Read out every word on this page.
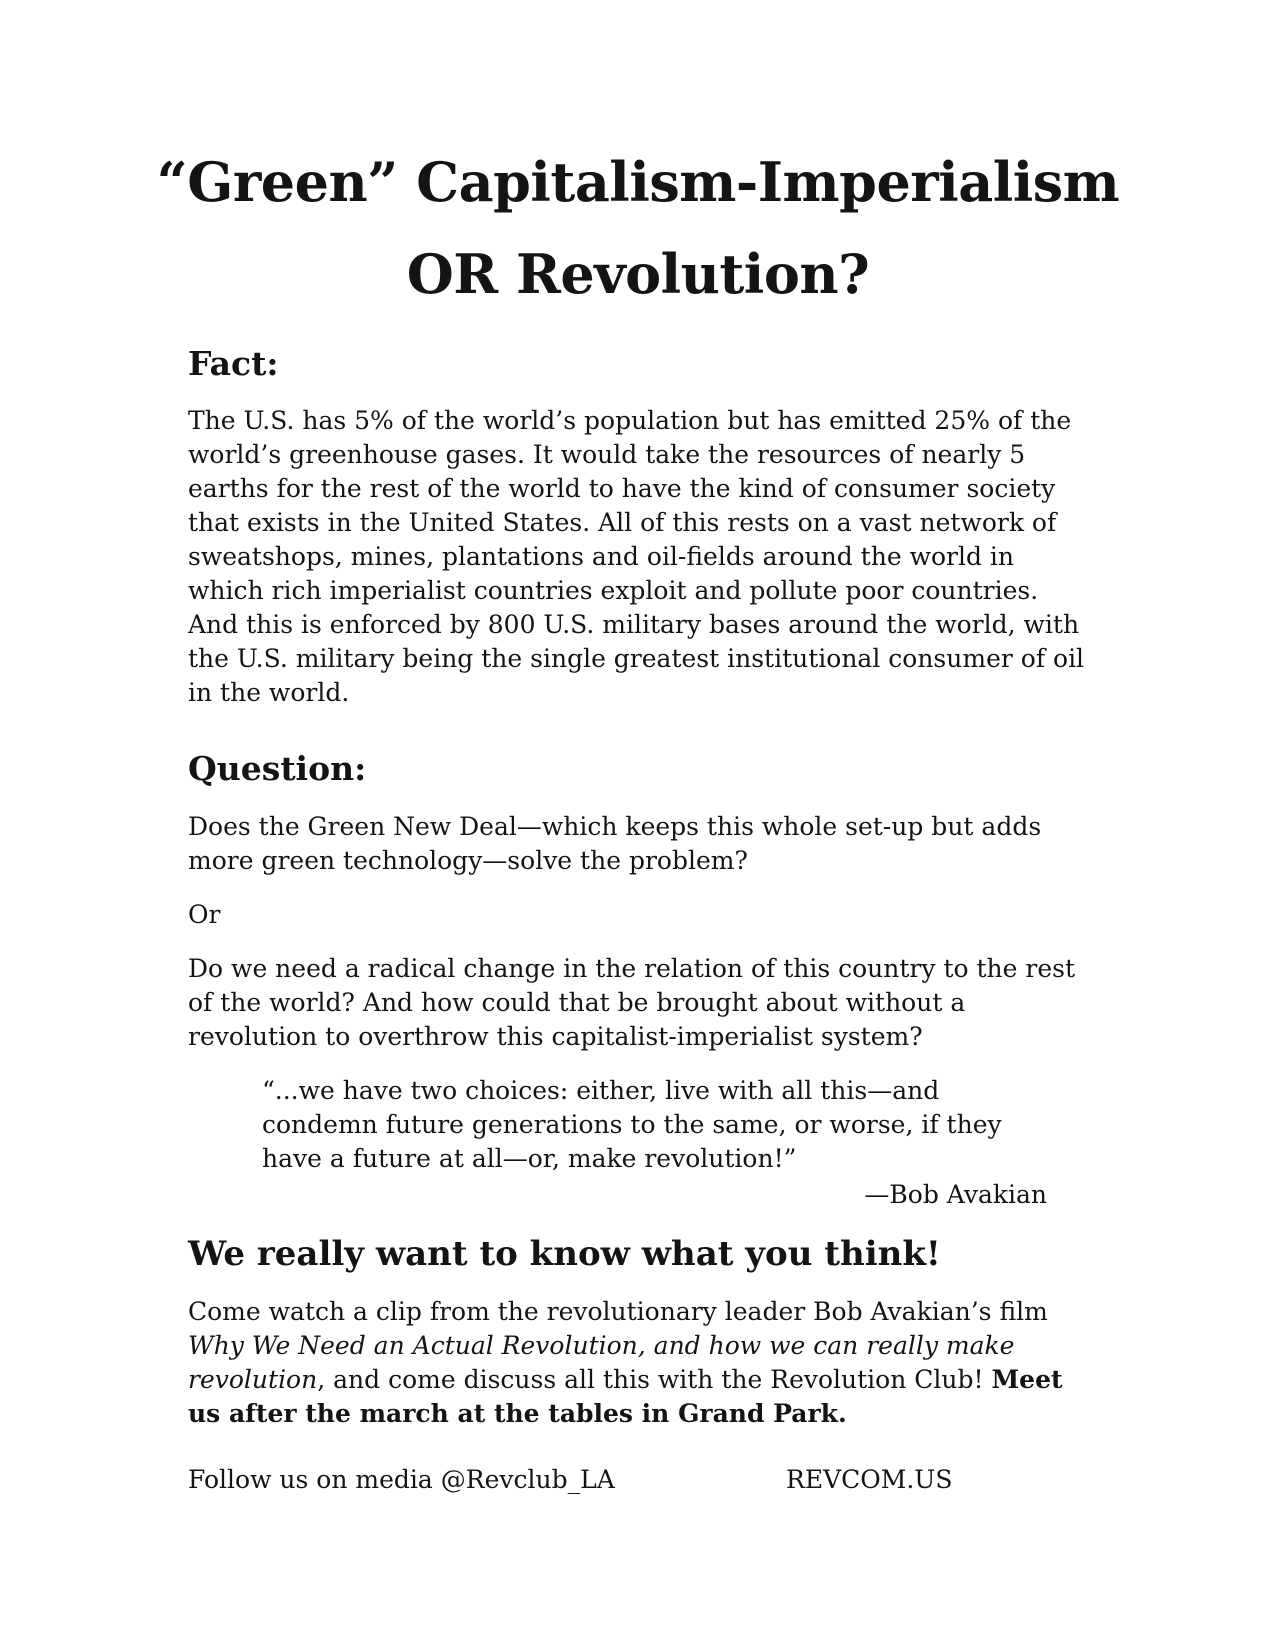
“Green” Capitalism-Imperialism
OR Revolution?
Fact:

The U.S. has 5% of the world’s population but has emitted 25% of the world’s greenhouse gases. It would take the resources of nearly 5 earths for the rest of the world to have the kind of consumer society that exists in the United States. All of this rests on a vast network of sweatshops, mines, plantations and oil-fields around the world in which rich imperialist countries exploit and pollute poor countries. And this is enforced by 800 U.S. military bases around the world, with the U.S. military being the single greatest institutional consumer of oil in the world.

Question:

Does the Green New Deal—which keeps this whole set-up but adds more green technology—solve the problem?

Or

Do we need a radical change in the relation of this country to the rest of the world? And how could that be brought about without a revolution to overthrow this capitalist-imperialist system?

“...we have two choices: either, live with all this—and condemn future generations to the same, or worse, if they have a future at all—or, make revolution!”

—Bob Avakian
We really want to know what you think!

Come watch a clip from the revolutionary leader Bob Avakian’s film Why We Need an Actual Revolution, and how we can really make revolution, and come discuss all this with the Revolution Club! Meet us after the march at the tables in Grand Park.

Follow us on media @Revclub_LA	REVCOM.US
